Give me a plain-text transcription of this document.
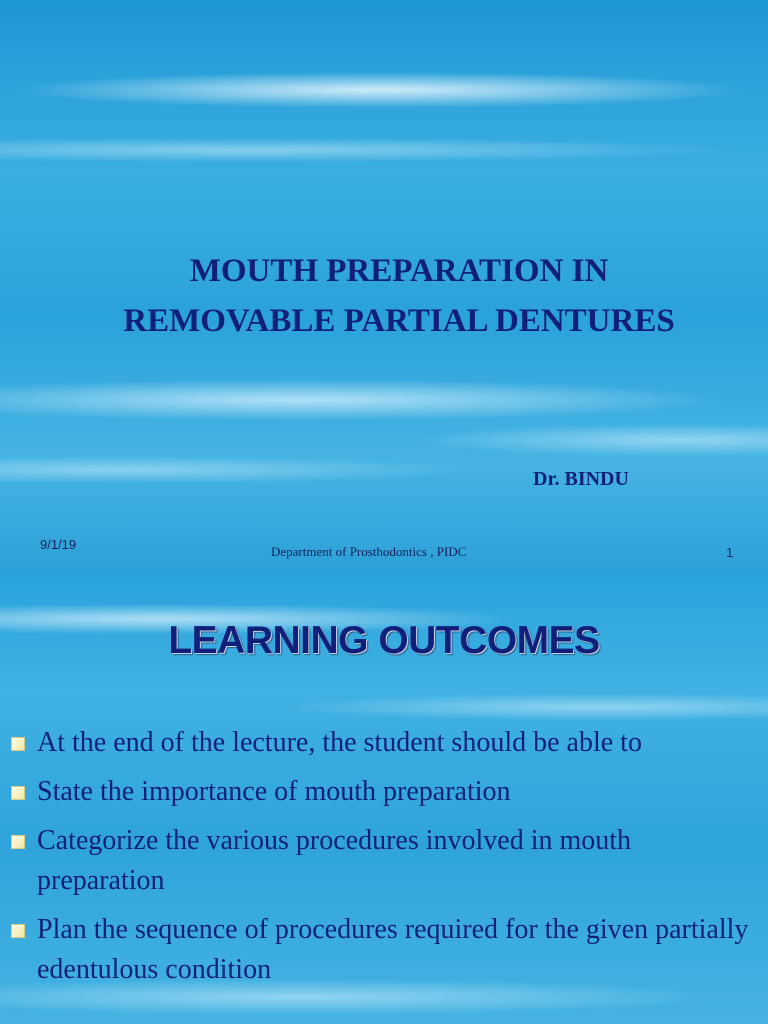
MOUTH PREPARATION IN
REMOVABLE PARTIAL DENTURES
Dr. BINDU
9/1/19	Department of Prosthodontics , PIDC	1
LEARNING OUTCOMES
At the end of the lecture, the student should be able to
State the importance of mouth preparation
Categorize the various procedures involved in mouth preparation
Plan the sequence of procedures required for the given partially edentulous condition
